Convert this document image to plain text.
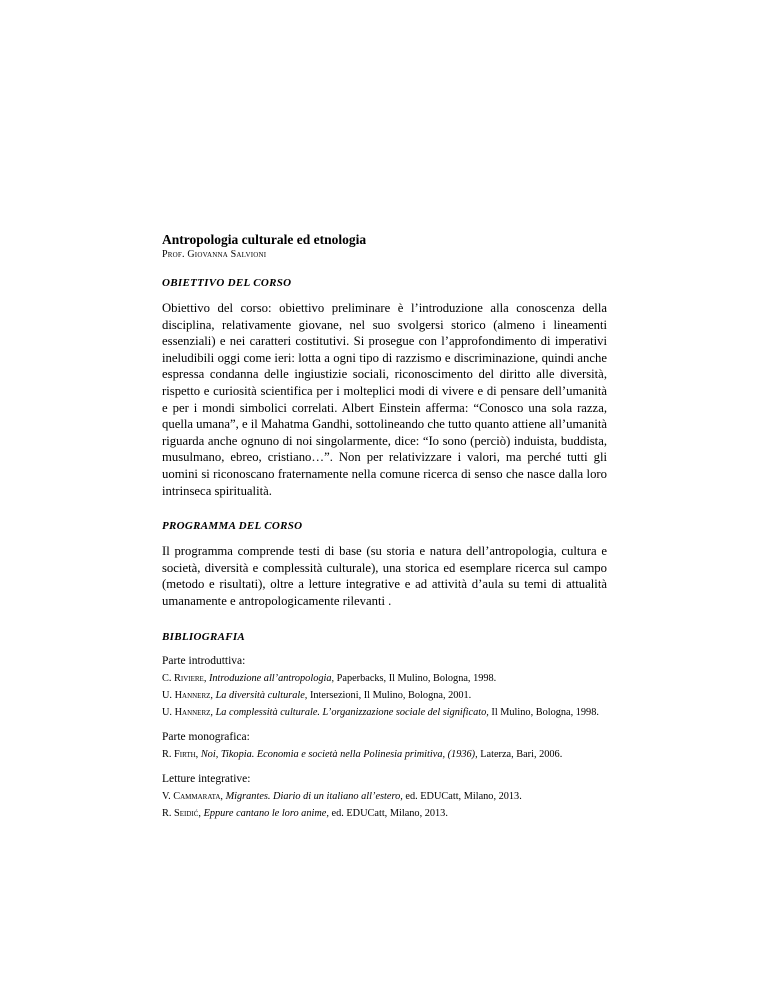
Antropologia culturale ed etnologia

Prof. Giovanna Salvioni

OBIETTIVO DEL CORSO

Obiettivo del corso: obiettivo preliminare è l’introduzione alla conoscenza della disciplina, relativamente giovane, nel suo svolgersi storico (almeno i lineamenti essenziali) e nei caratteri costitutivi. Si prosegue con l’approfondimento di imperativi ineludibili oggi come ieri: lotta a ogni tipo di razzismo e discriminazione, quindi anche espressa condanna delle ingiustizie sociali, riconoscimento del diritto alle diversità, rispetto e curiosità scientifica per i molteplici modi di vivere e di pensare dell’umanità e per i mondi simbolici correlati. Albert Einstein afferma: “Conosco una sola razza, quella umana”, e il Mahatma Gandhi, sottolineando che tutto quanto attiene all’umanità riguarda anche ognuno di noi singolarmente, dice: “Io sono (perciò) induista, buddista, musulmano, ebreo, cristiano…”. Non per relativizzare i valori, ma perché tutti gli uomini si riconoscano fraternamente nella comune ricerca di senso che nasce dalla loro intrinseca spiritualità.

PROGRAMMA DEL CORSO

Il programma comprende testi di base (su storia e natura dell’antropologia, cultura e società, diversità e complessità culturale), una storica ed esemplare ricerca sul campo (metodo e risultati), oltre a letture integrative e ad attività d’aula su temi di attualità umanamente e antropologicamente rilevanti .

BIBLIOGRAFIA

Parte introduttiva:

C. Riviere, Introduzione all’antropologia, Paperbacks, Il Mulino, Bologna, 1998.

U. Hannerz, La diversità culturale, Intersezioni, Il Mulino, Bologna, 2001.

U. Hannerz, La complessità culturale. L’organizzazione sociale del significato, Il Mulino, Bologna, 1998.

Parte monografica:

R. Firth, Noi, Tikopia. Economia e società nella Polinesia primitiva, (1936), Laterza, Bari, 2006.

Letture integrative:

V. Cammarata, Migrantes. Diario di un italiano all’estero, ed. EDUCatt, Milano, 2013.

R. Seidić, Eppure cantano le loro anime, ed. EDUCatt, Milano, 2013.
